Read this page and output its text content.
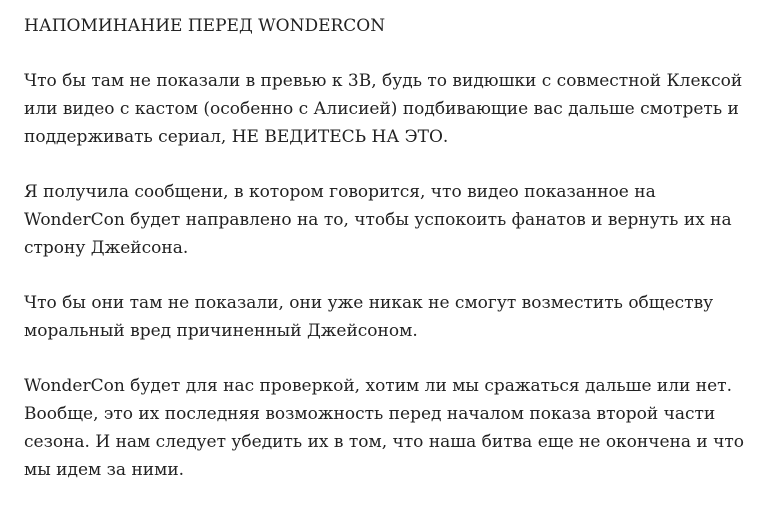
НАПОМИНАНИЕ ПЕРЕД WONDERCON

Что бы там не показали в превью к 3B, будь то видюшки с совместной Клексой
или видео с кастом (особенно с Алисией) подбивающие вас дальше смотреть и
поддерживать сериал, НЕ ВЕДИТЕСЬ НА ЭТО.

Я получила сообщени, в котором говорится, что видео показанное на
WonderCon будет направлено на то, чтобы успокоить фанатов и вернуть их на
строну Джейсона.

Что бы они там не показали, они уже никак не смогут возместить обществу
моральный вред причиненный Джейсоном.

WonderCon будет для нас проверкой, хотим ли мы сражаться дальше или нет.
Вообще, это их последняя возможность перед началом показа второй части
сезона. И нам следует убедить их в том, что наша битва еще не окончена и что
мы идем за ними.
